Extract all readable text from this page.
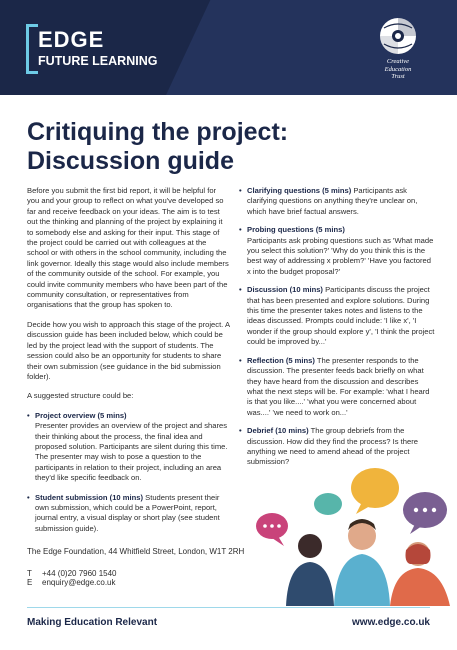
EDGE
FUTURE LEARNING	Creative
Education
Trust
Critiquing the project:
Discussion guide

Before you submit the first bid report, it will be helpful for you and your group to reflect on what you've developed so far and receive feedback on your ideas. The aim is to test out the thinking and planning of the project by explaining it to somebody else and asking for their input. This stage of the project could be carried out with colleagues at the school or with others in the school community, including the link governor. Ideally this stage would also include members of the community outside of the school. For example, you could invite community members who have been part of the community consultation, or representatives from organisations that the group has spoken to.

Decide how you wish to approach this stage of the project. A discussion guide has been included below, which could be led by the project lead with the support of students. The session could also be an opportunity for students to share their own submission (see guidance in the bid submission folder).

A suggested structure could be:

• Project overview (5 mins)
Presenter provides an overview of the project and shares their thinking about the process, the final idea and proposed solution. Participants are silent during this time. The presenter may wish to pose a question to the participants in relation to their project, including an area they'd like specific feedback on.
• Student submission (10 mins) Students present their own submission, which could be a PowerPoint, report, journal entry, a visual display or short play (see student submission guide).
• Clarifying questions (5 mins) Participants ask clarifying questions on anything they're unclear on, which have brief factual answers.
• Probing questions (5 mins)
Participants ask probing questions such as 'What made you select this solution?' 'Why do you think this is the best way of addressing x problem?' 'Have you factored x into the budget proposal?'
• Discussion (10 mins) Participants discuss the project that has been presented and explore solutions. During this time the presenter takes notes and listens to the ideas discussed. Prompts could include: 'I like x', 'I wonder if the group should explore y', 'I think the project could be improved by...'
• Reflection (5 mins) The presenter responds to the discussion. The presenter feeds back briefly on what they have heard from the discussion and describes what the next steps will be. For example: 'what I heard is that you like....' 'what you were concerned about was....' 'we need to work on...'
• Debrief (10 mins) The group debriefs from the discussion. How did they find the process? Is there anything we need to amend ahead of the project submission?
The Edge Foundation, 44 Whitfield Street, London, W1T 2RH
T +44 (0)20 7960 1540
E enquiry@edge.co.uk
Making Education Relevant	www.edge.co.uk
